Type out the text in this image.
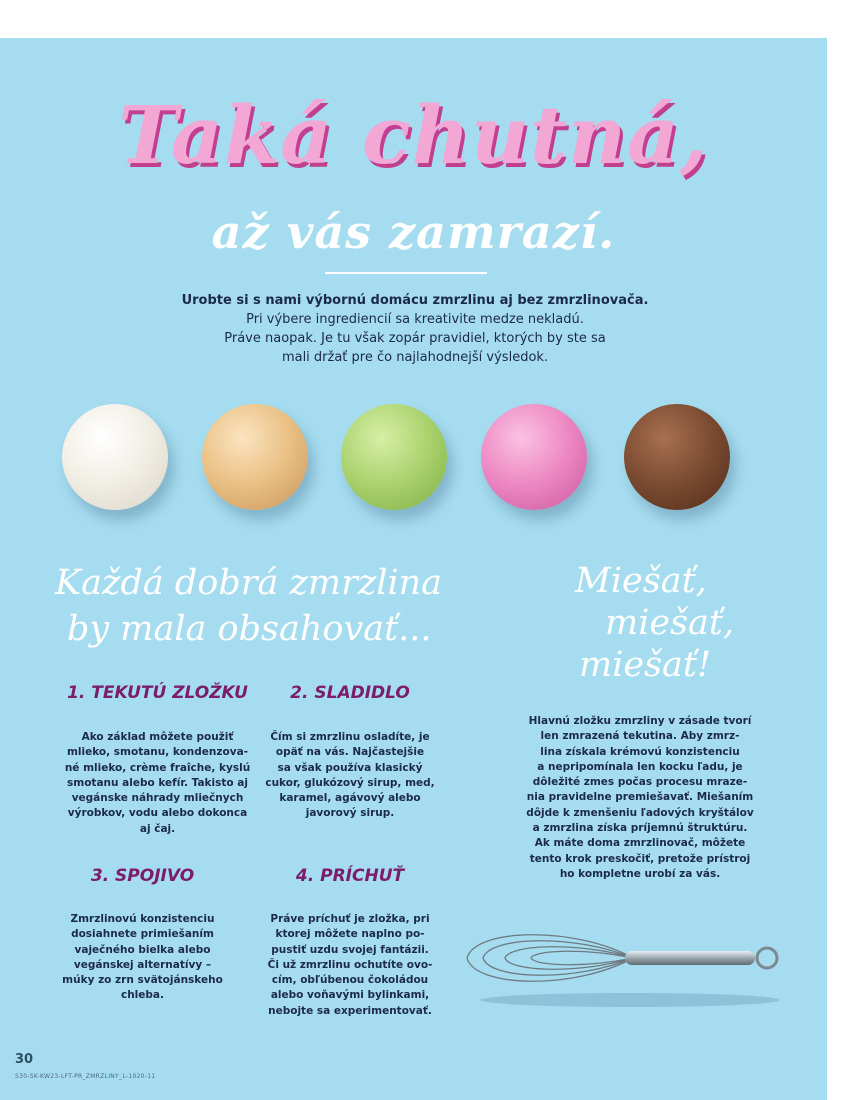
Taká chutná,
až vás zamrazí.
Urobte si s nami výbornú domácu zmrzlinu aj bez zmrzlinovača.
Pri výbere ingrediencií sa kreativite medze nekladú.
Práve naopak. Je tu však zopár pravidiel, ktorých by ste sa
mali držať pre čo najlahodnejší výsledok.
Každá dobrá zmrzlina
by mala obsahovať...
Miešať,
miešať,
miešať!
1. TEKUTÚ ZLOŽKU
Ako základ môžete použiť
mlieko, smotanu, kondenzova-
né mlieko, crème fraîche, kyslú
smotanu alebo kefír. Takisto aj
vegánske náhrady mliečnych
výrobkov, vodu alebo dokonca
aj čaj.
2. SLADIDLO
Čím si zmrzlinu osladíte, je
opäť na vás. Najčastejšie
sa však používa klasický
cukor, glukózový sirup, med,
karamel, agávový alebo
javorový sirup.
3. SPOJIVO
Zmrzlinovú konzistenciu
dosiahnete primiešaním
vaječného bielka alebo
vegánskej alternatívy –
múky zo zrn svätojánskeho
chleba.
4. PRÍCHUŤ
Práve príchuť je zložka, pri
ktorej môžete naplno po-
pustiť uzdu svojej fantázii.
Či už zmrzlinu ochutíte ovo-
cím, obľúbenou čokoládou
alebo voňavými bylinkami,
nebojte sa experimentovať.
Hlavnú zložku zmrzliny v zásade tvorí
len zmrazená tekutina. Aby zmrz-
lina získala krémovú konzistenciu
a nepripomínala len kocku ľadu, je
dôležité zmes počas procesu mraze-
nia pravidelne premiešavať. Miešaním
dôjde k zmenšeniu ľadových kryštálov
a zmrzlina získa príjemnú štruktúru.
Ak máte doma zmrzlinovač, môžete
tento krok preskočiť, pretože prístroj
ho kompletne urobí za vás.
30
S30-SK-KW23-LFT-PR_ZMRZLINY_L-1020-11
